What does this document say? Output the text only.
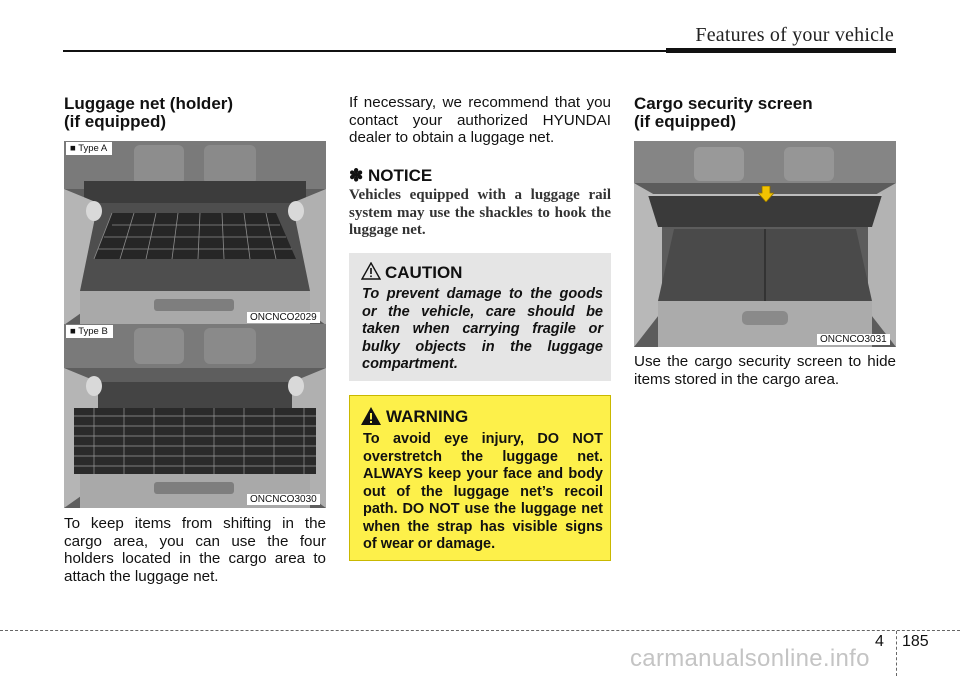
Features of your vehicle
Luggage net (holder)
(if equipped)
■ Type A
ONCNCO2029
■ Type B
ONCNCO3030
To keep items from shifting in the cargo area, you can use the four holders located in the cargo area to attach the luggage net.
If necessary, we recommend that you contact your authorized HYUNDAI dealer to obtain a luggage net.
✽ NOTICE
Vehicles equipped with a luggage rail system may use the shackles to hook the luggage net.
CAUTION
To prevent damage to the goods or the vehicle, care should be taken when carrying fragile or bulky objects in the luggage compartment.
WARNING
To avoid eye injury, DO NOT overstretch the luggage net. ALWAYS keep your face and body out of the luggage net’s recoil path. DO NOT use the luggage net when the strap has visible signs of wear or damage.
Cargo security screen
(if equipped)
ONCNCO3031
Use the cargo security screen to hide items stored in the cargo area.
4 185
carmanualsonline.info
